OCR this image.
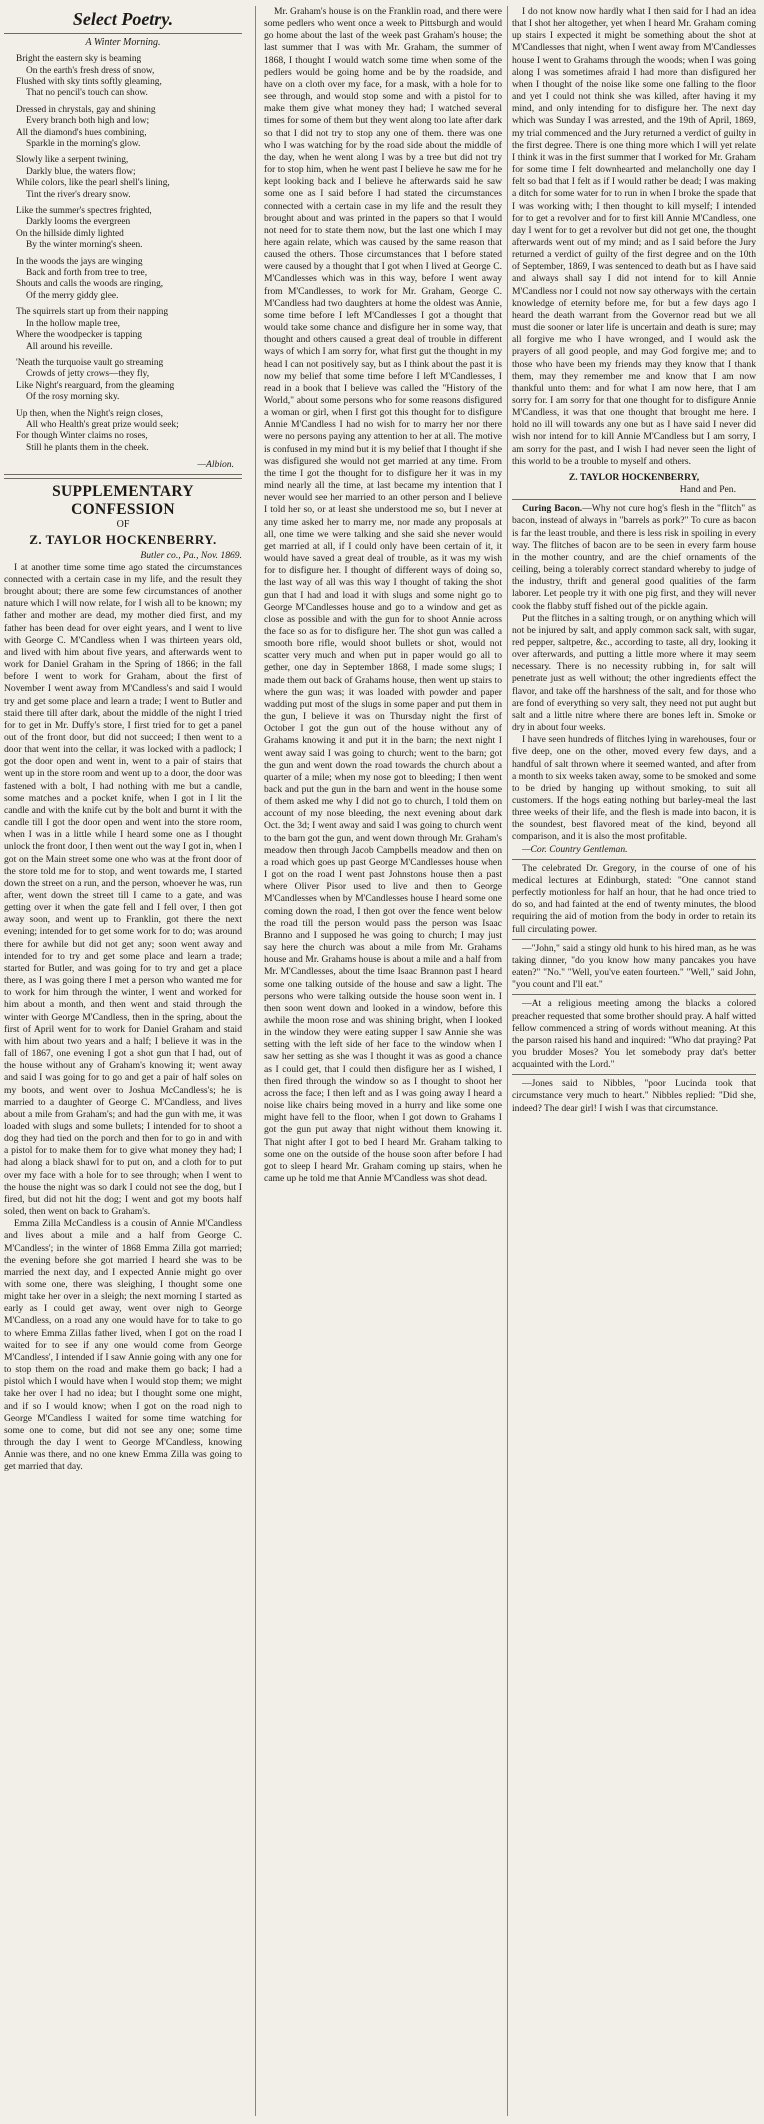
Select Poetry.
A Winter Morning.
Bright the eastern sky is beaming
On the earth's fresh dress of snow,
Flushed with sky tints softly gleaming,
That no pencil's touch can show.
Dressed in chrystals, gay and shining
Every branch both high and low;
All the diamond's hues combining,
Sparkle in the morning's glow.
Slowly like a serpent twining,
Darkly blue, the waters flow;
While colors, like the pearl shell's lining,
Tint the river's dreary snow.
Like the summer's spectres frighted,
Darkly looms the evergreen
On the hillside dimly lighted
By the winter morning's sheen.
In the woods the jays are winging
Back and forth from tree to tree,
Shouts and calls the woods are ringing,
Of the merry giddy glee.
The squirrels start up from their napping
In the hollow maple tree,
Where the woodpecker is tapping
All around his reveille.
'Neath the turquoise vault go streaming
Crowds of jetty crows—they fly,
Like Night's rearguard, from the gleaming
Of the rosy morning sky.
Up then, when the Night's reign closes,
All who Health's great prize would seek;
For though Winter claims no roses,
Still he plants them in the cheek.
—Albion.
SUPPLEMENTARY CONFESSION
OF
Z. TAYLOR HOCKENBERRY.
Butler co., Pa., Nov. 1869.

I at another time some time ago stated the circumstances connected with a certain case in my life, and the result they brought about; there are some few circumstances of another nature which I will now relate, for I wish all to be known; my father and mother are dead, my mother died first, and my father has been dead for over eight years, and I went to live with George C. M'Candless when I was thirteen years old, and lived with him about five years, and afterwards went to work for Daniel Graham in the Spring of 1866; in the fall before I went to work for Graham, about the first of November I went away from M'Candless's and said I would try and get some place and learn a trade; I went to Butler and staid there till after dark, about the middle of the night I tried for to get in Mr. Duffy's store, I first tried for to get a panel out of the front door, but did not succeed; I then went to a door that went into the cellar, it was locked with a padlock; I got the door open and went in, went to a pair of stairs that went up in the store room and went up to a door, the door was fastened with a bolt, I had nothing with me but a candle, some matches and a pocket knife, when I got in I lit the candle and with the knife cut by the bolt and burnt it with the candle till I got the door open and went into the store room, when I was in a little while I heard some one as I thought unlock the front door, I then went out the way I got in, when I got on the Main street some one who was at the front door of the store told me for to stop, and went towards me, I started down the street on a run, and the person, whoever he was, run after, went down the street till I came to a gate, and was getting over it when the gate fell and I fell over, I then got away soon, and went up to Franklin, got there the next evening; intended for to get some work for to do; was around there for awhile but did not get any; soon went away and intended for to try and get some place and learn a trade; started for Butler, and was going for to try and get a place there, as I was going there I met a person who wanted me for to work for him through the winter, I went and worked for him about a month, and then went and staid through the winter with George M'Candless, then in the spring, about the first of April went for to work for Daniel Graham and staid with him about two years and a half; I believe it was in the fall of 1867, one evening I got a shot gun that I had, out of the house without any of Graham's knowing it; went away and said I was going for to go and get a pair of half soles on my boots, and went over to Joshua McCandless's; he is married to a daughter of George C. M'Candless, and lives about a mile from Graham's; and had the gun with me, it was loaded with slugs and some bullets; I intended for to shoot a dog they had tied on the porch and then for to go in and with a pistol for to make them for to give what money they had; I had along a black shawl for to put on, and a cloth for to put over my face with a hole for to see through; when I went to the house the night was so dark I could not see the dog, but I fired, but did not hit the dog; I went and got my boots half soled, then went on back to Graham's.

Emma Zilla McCandless is a cousin of Annie M'Candless and lives about a mile and a half from George C. M'Candless'; in the winter of 1868 Emma Zilla got married; the evening before she got married I heard she was to be married the next day, and I expected Annie might go over with some one, there was sleighing, I thought some one might take her over in a sleigh; the next morning I started as early as I could get away, went over nigh to George M'Candless, on a road any one would have for to take to go to where Emma Zillas father lived, when I got on the road I waited for to see if any one would come from George M'Candless', I intended if I saw Annie going with any one for to stop them on the road and make them go back; I had a pistol which I would have when I would stop them; we might take her over I had no idea; but I thought some one might, and if so I would know; when I got on the road nigh to George M'Candless I waited for some time watching for some one to come, but did not see any one; some time through the day I went to George M'Candless, knowing Annie was there, and no one knew Emma Zilla was going to get married that day.

Mr. Graham's house is on the Franklin road, and there were some pedlers who went once a week to Pittsburgh and would go home about the last of the week past Graham's house; the last summer that I was with Mr. Graham, the summer of 1868, I thought I would watch some time when some of the pedlers would be going home and be by the roadside, and have on a cloth over my face, for a mask, with a hole for to see through, and would stop some and with a pistol for to make them give what money they had; I watched several times for some of them but they went along too late after dark so that I did not try to stop any one of them. there was one who I was watching for by the road side about the middle of the day, when he went along I was by a tree but did not try for to stop him, when he went past I believe he saw me for he kept looking back and I believe he afterwards said he saw some one as I said before I had stated the circumstances connected with a certain case in my life and the result they brought about and was printed in the papers so that I would not need for to state them now, but the last one which I may here again relate, which was caused by the same reason that caused the others. Those circumstances that I before stated were caused by a thought that I got when I lived at George C. M'Candlesses which was in this way, before I went away from M'Candlesses, to work for Mr. Graham, George C. M'Candless had two daughters at home the oldest was Annie, some time before I left M'Candlesses I got a thought that would take some chance and disfigure her in some way, that thought and others caused a great deal of trouble in different ways of which I am sorry for, what first gut the thought in my head I can not positively say, but as I think about the past it is now my belief that some time before I left M'Candlesses, I read in a book that I believe was called the "History of the World," about some persons who for some reasons disfigured a woman or girl, when I first got this thought for to disfigure Annie M'Candless I had no wish for to marry her nor there were no persons paying any attention to her at all. The motive is confused in my mind but it is my belief that I thought if she was disfigured she would not get married at any time. From the time I got the thought for to disfigure her it was in my mind nearly all the time, at last became my intention that I never would see her married to an other person and I believe I told her so, or at least she understood me so, but I never at any time asked her to marry me, nor made any proposals at all, one time we were talking and she said she never would get married at all, if I could only have been certain of it, it would have saved a great deal of trouble, as it was my wish for to disfigure her. I thought of different ways of doing so, the last way of all was this way I thought of taking the shot gun that I had and load it with slugs and some night go to George M'Candlesses house and go to a window and get as close as possible and with the gun for to shoot Annie across the face so as for to disfigure her. The shot gun was called a smooth bore rifle, would shoot bullets or shot, would not scatter very much and when put in paper would go all to gether, one day in September 1868, I made some slugs; I made them out back of Grahams house, then went up stairs to where the gun was; it was loaded with powder and paper wadding put most of the slugs in some paper and put them in the gun, I believe it was on Thursday night the first of October I got the gun out of the house without any of Grahams knowing it and put it in the barn; the next night I went away said I was going to church; went to the barn; got the gun and went down the road towards the church about a quarter of a mile; when my nose got to bleeding; I then went back and put the gun in the barn and went in the house some of them asked me why I did not go to church, I told them on account of my nose bleeding, the next evening about dark Oct. the 3d; I went away and said I was going to church went to the barn got the gun, and went down through Mr. Graham's meadow then through Jacob Campbells meadow and then on a road which goes up past George M'Candlesses house when I got on the road I went past Johnstons house then a past where Oliver Pisor used to live and then to George M'Candlesses when by M'Candlesses house I heard some one coming down the road, I then got over the fence went below the road till the person would pass the person was Isaac Branno and I supposed he was going to church; I may just say here the church was about a mile from Mr. Grahams house and Mr. Grahams house is about a mile and a half from Mr. M'Candlesses, about the time Isaac Brannon past I heard some one talking outside of the house and saw a light. The persons who were talking outside the house soon went in. I then soon went down and looked in a window, before this awhile the moon rose and was shining bright, when I looked in the window they were eating supper I saw Annie she was setting with the left side of her face to the window when I saw her setting as she was I thought it was as good a chance as I could get, that I could then disfigure her as I wished, I then fired through the window so as I thought to shoot her across the face; I then left and as I was going away I heard a noise like chairs being moved in a hurry and like some one might have fell to the floor, when I got down to Grahams I got the gun put away that night without them knowing it. That night after I got to bed I heard Mr. Graham talking to some one on the outside of the house soon after before I had got to sleep I heard Mr. Graham coming up stairs, when he came up he told me that Annie M'Candless was shot dead.

I do not know now hardly what I then said for I had an idea that I shot her altogether, yet when I heard Mr. Graham coming up stairs I expected it might be something about the shot at M'Candlesses that night, when I went away from M'Candlesses house I went to Grahams through the woods; when I was going along I was sometimes afraid I had more than disfigured her when I thought of the noise like some one falling to the floor and yet I could not think she was killed, after having it my mind, and only intending for to disfigure her. The next day which was Sunday I was arrested, and the 19th of April, 1869, my trial commenced and the Jury returned a verdict of guilty in the first degree. There is one thing more which I will yet relate I think it was in the first summer that I worked for Mr. Graham for some time I felt downhearted and melancholly one day I felt so bad that I felt as if I would rather be dead; I was making a ditch for some water for to run in when I broke the spade that I was working with; I then thought to kill myself; I intended for to get a revolver and for to first kill Annie M'Candless, one day I went for to get a revolver but did not get one, the thought afterwards went out of my mind; and as I said before the Jury returned a verdict of guilty of the first degree and on the 10th of September, 1869, I was sentenced to death but as I have said and always shall say I did not intend for to kill Annie M'Candless nor I could not now say otherways with the certain knowledge of eternity before me, for but a few days ago I heard the death warrant from the Governor read but we all must die sooner or later life is uncertain and death is sure; may all forgive me who I have wronged, and I would ask the prayers of all good people, and may God forgive me; and to those who have been my friends may they know that I thank them, may they remember me and know that I am now thankful unto them: and for what I am now here, that I am sorry for. I am sorry for that one thought for to disfigure Annie M'Candless, it was that one thought that brought me here. I hold no ill will towards any one but as I have said I never did wish nor intend for to kill Annie M'Candless but I am sorry, I am sorry for the past, and I wish I had never seen the light of this world to be a trouble to myself and others.

Z. TAYLOR HOCKENBERRY,
Hand and Pen.

Curing Bacon.—Why not cure hog's flesh in the "flitch" as bacon, instead of always in "barrels as pork?" To cure as bacon is far the least trouble, and there is less risk in spoiling in every way. The flitches of bacon are to be seen in every farm house in the mother country, and are the chief ornaments of the ceiling, being a tolerably correct standard whereby to judge of the industry, thrift and general good qualities of the farm laborer. Let people try it with one pig first, and they will never cook the flabby stuff fished out of the pickle again.

Put the flitches in a salting trough, or on anything which will not be injured by salt, and apply common sack salt, with sugar, red pepper, saltpetre, &c., according to taste, all dry, looking it over afterwards, and putting a little more where it may seem necessary. There is no necessity rubbing in, for salt will penetrate just as well without; the other ingredients effect the flavor, and take off the harshness of the salt, and for those who are fond of everything so very salt, they need not put aught but salt and a little nitre where there are bones left in. Smoke or dry in about four weeks.

I have seen hundreds of flitches lying in warehouses, four or five deep, one on the other, moved every few days, and a handful of salt thrown where it seemed wanted, and after from a month to six weeks taken away, some to be smoked and some to be dried by hanging up without smoking, to suit all customers. If the hogs eating nothing but barley-meal the last three weeks of their life, and the flesh is made into bacon, it is the soundest, best flavored meat of the kind, beyond all comparison, and it is also the most profitable.

—Cor. Country Gentleman.

The celebrated Dr. Gregory, in the course of one of his medical lectures at Edinburgh, stated: "One cannot stand perfectly motionless for half an hour, that he had once tried to do so, and had fainted at the end of twenty minutes, the blood requiring the aid of motion from the body in order to retain its full circulating power.

—"John," said a stingy old hunk to his hired man, as he was taking dinner, "do you know how many pancakes you have eaten?" "No." "Well, you've eaten fourteen." "Well," said John, "you count and I'll eat."

—At a religious meeting among the blacks a colored preacher requested that some brother should pray. A half witted fellow commenced a string of words without meaning. At this the parson raised his hand and inquired: "Who dat praying? Pat you brudder Moses? You let somebody pray dat's better acquainted with the Lord."

—Jones said to Nibbles, "poor Lucinda took that circumstance very much to heart." Nibbles replied: "Did she, indeed? The dear girl! I wish I was that circumstance.
